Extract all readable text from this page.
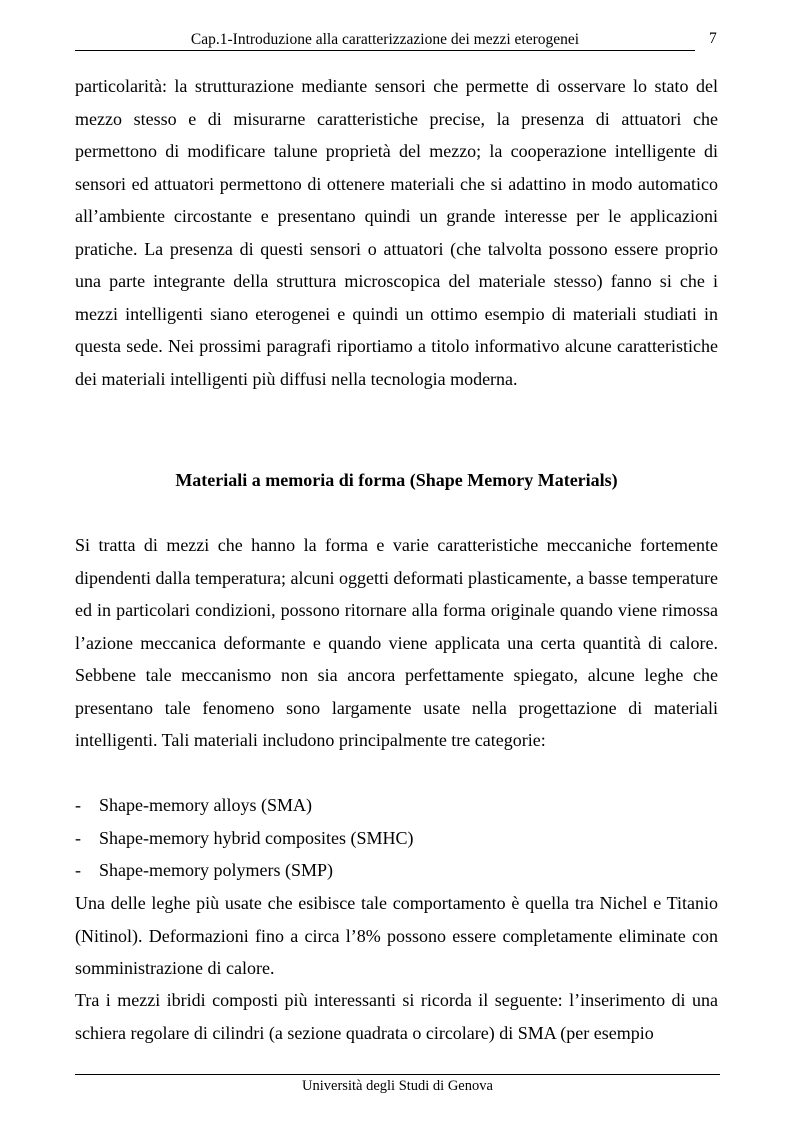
Cap.1-Introduzione alla caratterizzazione dei mezzi eterogenei	7

particolarità: la strutturazione mediante sensori che permette di osservare lo stato del mezzo stesso e di misurarne caratteristiche precise, la presenza di attuatori che permettono di modificare talune proprietà del mezzo; la cooperazione intelligente di sensori ed attuatori permettono di ottenere materiali che si adattino in modo automatico all’ambiente circostante e presentano quindi un grande interesse per le applicazioni pratiche. La presenza di questi sensori o attuatori (che talvolta possono essere proprio una parte integrante della struttura microscopica del materiale stesso) fanno si che i mezzi intelligenti siano eterogenei e quindi un ottimo esempio di materiali studiati in questa sede. Nei prossimi paragrafi riportiamo a titolo informativo alcune caratteristiche dei materiali intelligenti più diffusi nella tecnologia moderna.

Materiali a memoria di forma (Shape Memory Materials)

Si tratta di mezzi che hanno la forma e varie caratteristiche meccaniche fortemente dipendenti dalla temperatura; alcuni oggetti deformati plasticamente, a basse temperature ed in particolari condizioni, possono ritornare alla forma originale quando viene rimossa l’azione meccanica deformante e quando viene applicata una certa quantità di calore. Sebbene tale meccanismo non sia ancora perfettamente spiegato, alcune leghe che presentano tale fenomeno sono largamente usate nella progettazione di materiali intelligenti. Tali materiali includono principalmente tre categorie:

- Shape-memory alloys (SMA)
- Shape-memory hybrid composites (SMHC)
- Shape-memory polymers (SMP)

Una delle leghe più usate che esibisce tale comportamento è quella tra Nichel e Titanio (Nitinol). Deformazioni fino a circa l’8% possono essere completamente eliminate con somministrazione di calore.

Tra i mezzi ibridi composti più interessanti si ricorda il seguente: l’inserimento di una schiera regolare di cilindri (a sezione quadrata o circolare) di SMA (per esempio

Università degli Studi di Genova
